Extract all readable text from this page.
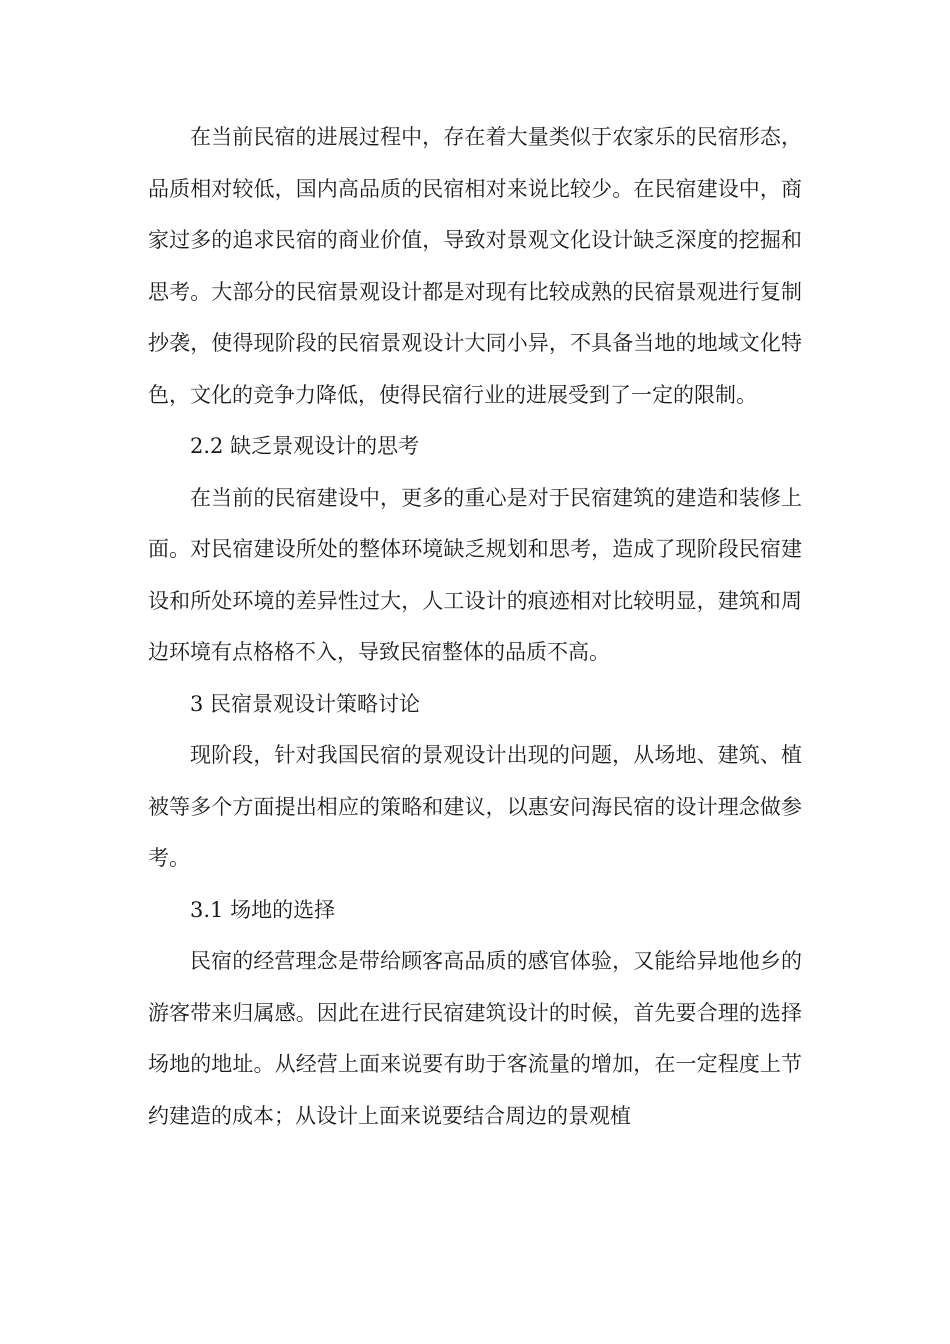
在当前民宿的进展过程中，存在着大量类似于农家乐的民宿形态，品质相对较低，国内高品质的民宿相对来说比较少。在民宿建设中，商家过多的追求民宿的商业价值，导致对景观文化设计缺乏深度的挖掘和思考。大部分的民宿景观设计都是对现有比较成熟的民宿景观进行复制抄袭，使得现阶段的民宿景观设计大同小异，不具备当地的地域文化特色，文化的竞争力降低，使得民宿行业的进展受到了一定的限制。

2.2 缺乏景观设计的思考

在当前的民宿建设中，更多的重心是对于民宿建筑的建造和装修上面。对民宿建设所处的整体环境缺乏规划和思考，造成了现阶段民宿建设和所处环境的差异性过大，人工设计的痕迹相对比较明显，建筑和周边环境有点格格不入，导致民宿整体的品质不高。

3 民宿景观设计策略讨论

现阶段，针对我国民宿的景观设计出现的问题，从场地、建筑、植被等多个方面提出相应的策略和建议，以惠安问海民宿的设计理念做参考。

3.1 场地的选择

民宿的经营理念是带给顾客高品质的感官体验，又能给异地他乡的游客带来归属感。因此在进行民宿建筑设计的时候，首先要合理的选择场地的地址。从经营上面来说要有助于客流量的增加，在一定程度上节约建造的成本；从设计上面来说要结合周边的景观植
